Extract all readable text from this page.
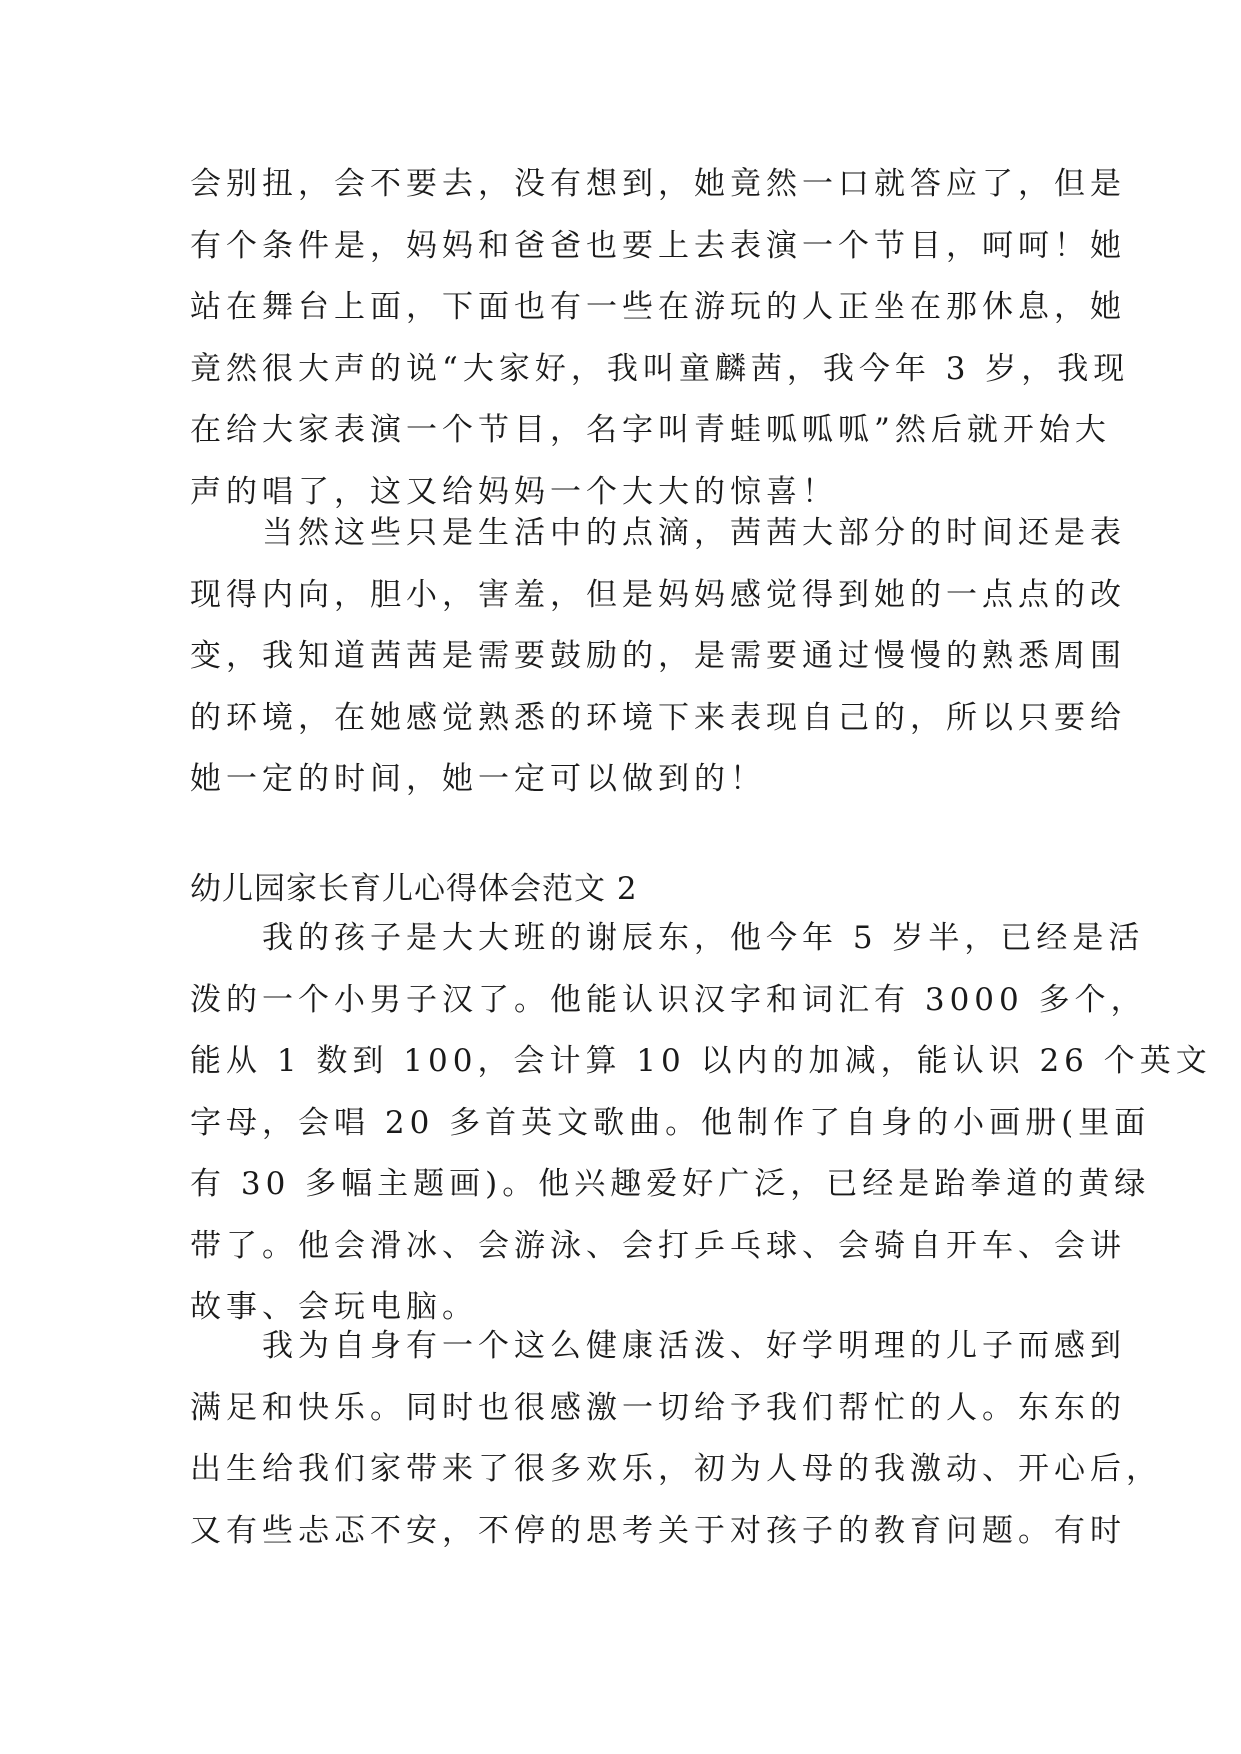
会别扭，会不要去，没有想到，她竟然一口就答应了，但是
有个条件是，妈妈和爸爸也要上去表演一个节目，呵呵！她
站在舞台上面，下面也有一些在游玩的人正坐在那休息，她
竟然很大声的说“大家好，我叫童麟茜，我今年 3 岁，我现
在给大家表演一个节目，名字叫青蛙呱呱呱”然后就开始大
声的唱了，这又给妈妈一个大大的惊喜！
　　当然这些只是生活中的点滴，茜茜大部分的时间还是表
现得内向，胆小，害羞，但是妈妈感觉得到她的一点点的改
变，我知道茜茜是需要鼓励的，是需要通过慢慢的熟悉周围
的环境，在她感觉熟悉的环境下来表现自己的，所以只要给
她一定的时间，她一定可以做到的！
幼儿园家长育儿心得体会范文 2
　　我的孩子是大大班的谢辰东，他今年 5 岁半，已经是活
泼的一个小男子汉了。他能认识汉字和词汇有 3000 多个，
能从 1 数到 100，会计算 10 以内的加减，能认识 26 个英文
字母，会唱 20 多首英文歌曲。他制作了自身的小画册(里面
有 30 多幅主题画)。他兴趣爱好广泛，已经是跆拳道的黄绿
带了。他会滑冰、会游泳、会打乒乓球、会骑自开车、会讲
故事、会玩电脑。
　　我为自身有一个这么健康活泼、好学明理的儿子而感到
满足和快乐。同时也很感激一切给予我们帮忙的人。东东的
出生给我们家带来了很多欢乐，初为人母的我激动、开心后，
又有些忐忑不安，不停的思考关于对孩子的教育问题。有时
